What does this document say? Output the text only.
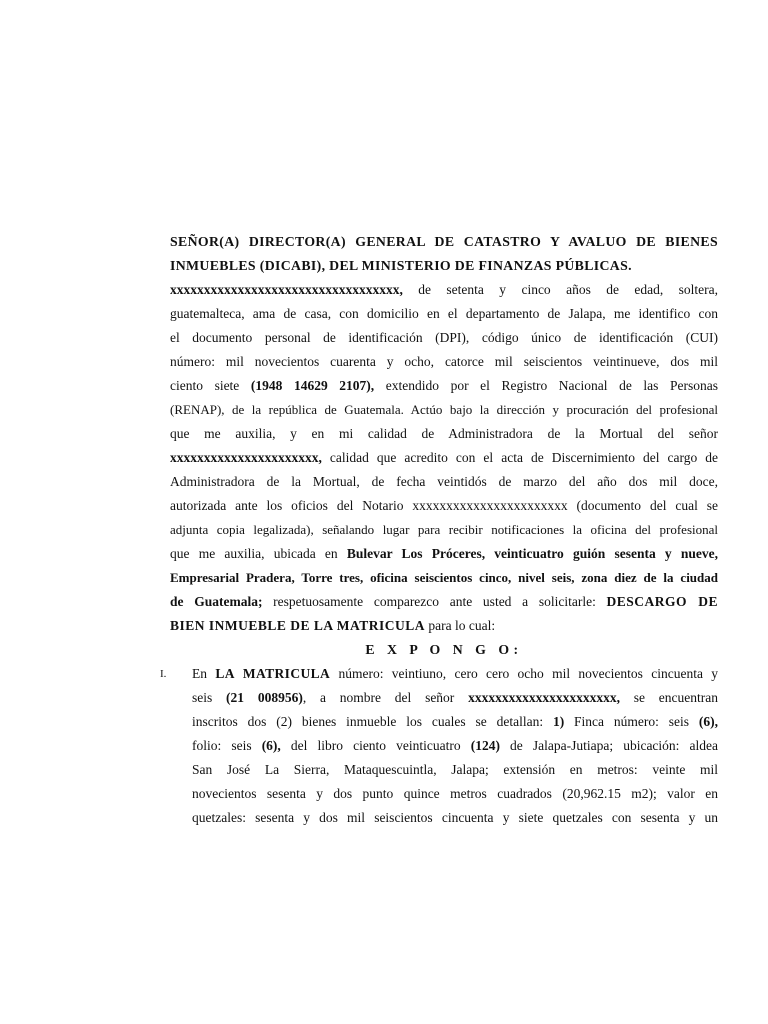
SEÑOR(A) DIRECTOR(A) GENERAL DE CATASTRO Y AVALUO DE BIENES
INMUEBLES (DICABI), DEL MINISTERIO DE FINANZAS PÚBLICAS.
xxxxxxxxxxxxxxxxxxxxxxxxxxxxxxxxxx, de setenta y cinco años de edad, soltera,
guatemalteca, ama de casa, con domicilio en el departamento de Jalapa, me identifico con
el documento personal de identificación (DPI), código único de identificación (CUI)
número: mil novecientos cuarenta y ocho, catorce mil seiscientos veintinueve, dos mil
ciento siete (1948 14629 2107), extendido por el Registro Nacional de las Personas
(RENAP), de la república de Guatemala. Actúo bajo la dirección y procuración del profesional
que me auxilia, y en mi calidad de Administradora de la Mortual del señor
xxxxxxxxxxxxxxxxxxxxxx, calidad que acredito con el acta de Discernimiento del cargo de
Administradora de la Mortual, de fecha veintidós de marzo del año dos mil doce,
autorizada ante los oficios del Notario xxxxxxxxxxxxxxxxxxxxxxx (documento del cual se
adjunta copia legalizada), señalando lugar para recibir notificaciones la oficina del profesional
que me auxilia, ubicada en Bulevar Los Próceres, veinticuatro guión sesenta y nueve,
Empresarial Pradera, Torre tres, oficina seiscientos cinco, nivel seis, zona diez de la ciudad
de Guatemala; respetuosamente comparezco ante usted a solicitarle: DESCARGO DE
BIEN INMUEBLE DE LA MATRICULA para lo cual:
E X P O N G O:
I. En LA MATRICULA número: veintiuno, cero cero ocho mil novecientos cincuenta y
seis (21 008956), a nombre del señor xxxxxxxxxxxxxxxxxxxxxx, se encuentran
inscritos dos (2) bienes inmueble los cuales se detallan: 1) Finca número: seis (6),
folio: seis (6), del libro ciento veinticuatro (124) de Jalapa-Jutiapa; ubicación: aldea
San José La Sierra, Mataquescuintla, Jalapa; extensión en metros: veinte mil
novecientos sesenta y dos punto quince metros cuadrados (20,962.15 m2); valor en
quetzales: sesenta y dos mil seiscientos cincuenta y siete quetzales con sesenta y un
